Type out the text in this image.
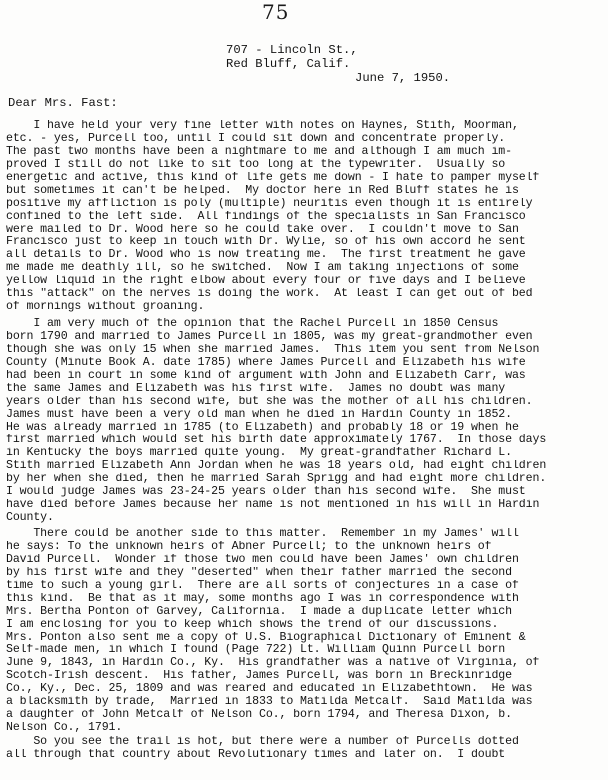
75
707 - Lincoln St.,
Red Bluff, Calif.
June 7, 1950.
Dear Mrs. Fast:
I have held your very fine letter with notes on Haynes, Stith, Moorman,
etc. - yes, Purcell too, until I could sit down and concentrate properly.
The past two months have been a nightmare to me and although I am much im-
proved I still do not like to sit too long at the typewriter.  Usually so
energetic and active, this kind of life gets me down - I hate to pamper myself
but sometimes it can't be helped.  My doctor here in Red Bluff states he is
positive my affliction is poly (multiple) neuritis even though it is entirely
confined to the left side.  All findings of the specialists in San Francisco
were mailed to Dr. Wood here so he could take over.  I couldn't move to San
Francisco just to keep in touch with Dr. Wylie, so of his own accord he sent
all details to Dr. Wood who is now treating me.  The first treatment he gave
me made me deathly ill, so he switched.  Now I am taking injections of some
yellow liquid in the right elbow about every four or five days and I believe
this "attack" on the nerves is doing the work.  At least I can get out of bed
of mornings without groaning.
I am very much of the opinion that the Rachel Purcell in 1850 Census
born 1790 and married to James Purcell in 1805, was my great-grandmother even
though she was only 15 when she married James.  This item you sent from Nelson
County (Minute Book A. date 1785) where James Purcell and Elizabeth his wife
had been in court in some kind of argument with John and Elizabeth Carr, was
the same James and Elizabeth was his first wife.  James no doubt was many
years older than his second wife, but she was the mother of all his children.
James must have been a very old man when he died in Hardin County in 1852.
He was already married in 1785 (to Elizabeth) and probably 18 or 19 when he
first married which would set his birth date approximately 1767.  In those days
in Kentucky the boys married quite young.  My great-grandfather Richard L.
Stith married Elizabeth Ann Jordan when he was 18 years old, had eight children
by her when she died, then he married Sarah Sprigg and had eight more children.
I would judge James was 23-24-25 years older than his second wife.  She must
have died before James because her name is not mentioned in his will in Hardin
County.
There could be another side to this matter.  Remember in my James' will
he says: To the unknown heirs of Abner Purcell; to the unknown heirs of
David Purcell.  Wonder if those two men could have been James' own children
by his first wife and they "deserted" when their father married the second
time to such a young girl.  There are all sorts of conjectures in a case of
this kind.  Be that as it may, some months ago I was in correspondence with
Mrs. Bertha Ponton of Garvey, California.  I made a duplicate letter which
I am enclosing for you to keep which shows the trend of our discussions.
Mrs. Ponton also sent me a copy of U.S. Biographical Dictionary of Eminent &
Self-made men, in which I found (Page 722) Lt. William Quinn Purcell born
June 9, 1843, in Hardin Co., Ky.  His grandfather was a native of Virginia, of
Scotch-Irish descent.  His father, James Purcell, was born in Breckinridge
Co., Ky., Dec. 25, 1809 and was reared and educated in Elizabethtown.  He was
a blacksmith by trade,  Married in 1833 to Matilda Metcalf.  Said Matilda was
a daughter of John Metcalf of Nelson Co., born 1794, and Theresa Dixon, b.
Nelson Co., 1791.
So you see the trail is hot, but there were a number of Purcells dotted
all through that country about Revolutionary times and later on.  I doubt
